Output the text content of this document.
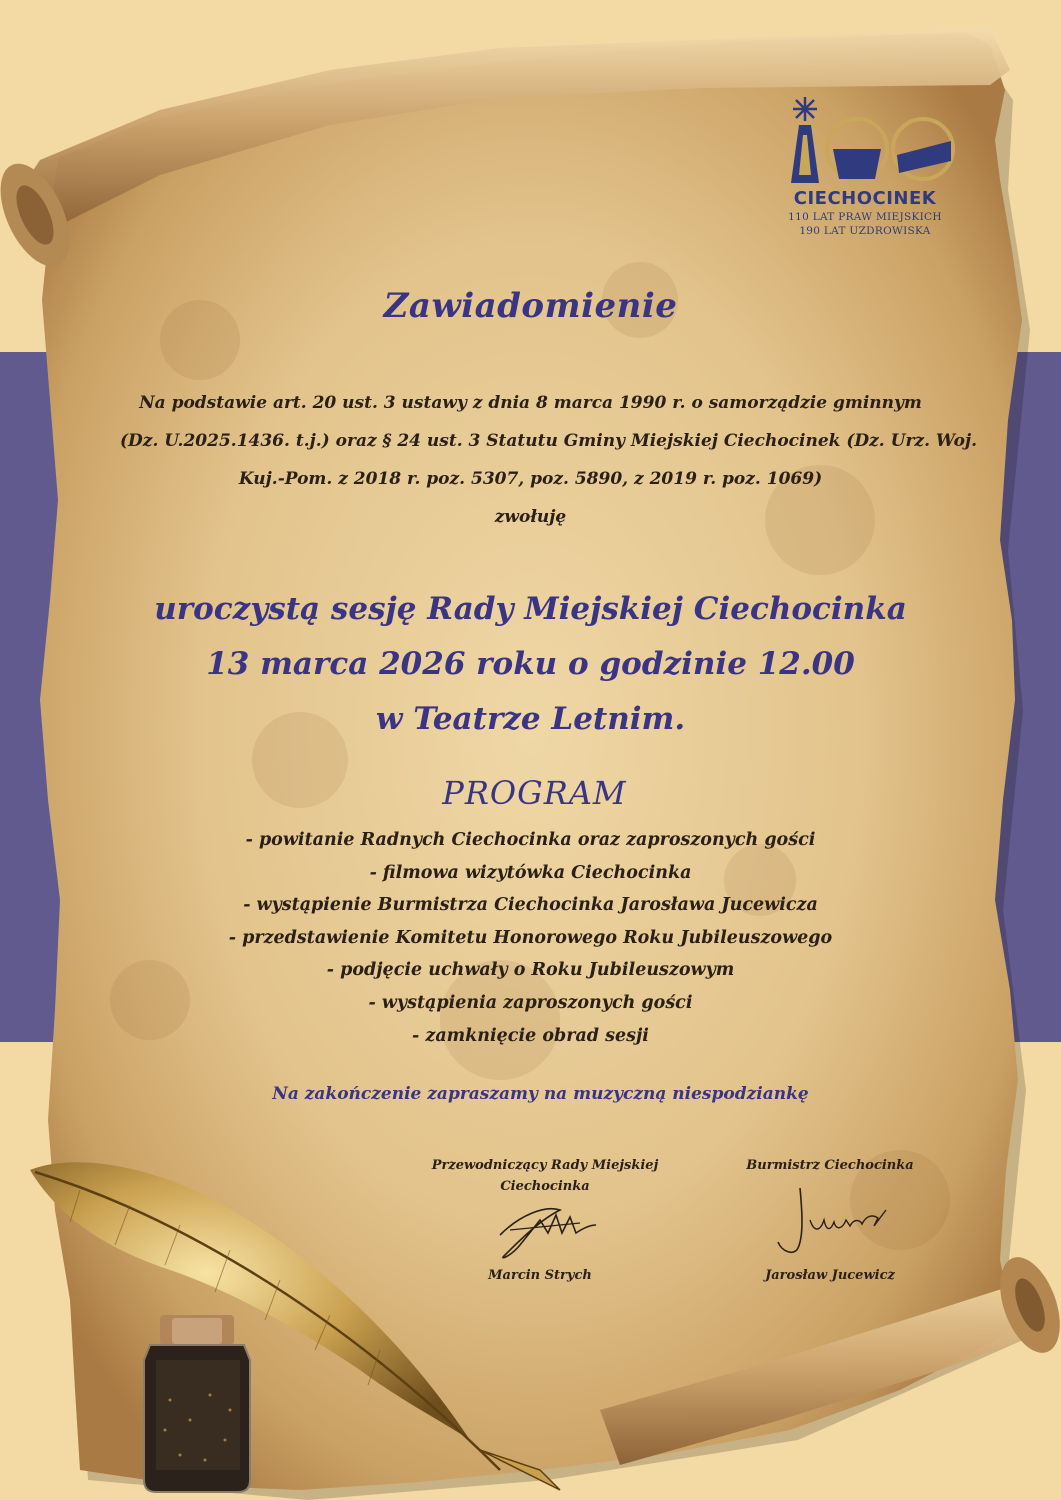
CIECHOCINEK
110 LAT PRAW MIEJSKICH
190 LAT UZDROWISKA
Zawiadomienie
Na podstawie art. 20 ust. 3 ustawy z dnia 8 marca 1990 r. o samorządzie gminnym
(Dz. U.2025.1436. t.j.) oraz § 24 ust. 3 Statutu Gminy Miejskiej Ciechocinek (Dz. Urz. Woj.
Kuj.-Pom. z 2018 r. poz. 5307, poz. 5890, z 2019 r. poz. 1069)
zwołuję
uroczystą sesję Rady Miejskiej Ciechocinka
13 marca 2026 roku o godzinie 12.00
w Teatrze Letnim.
PROGRAM
- powitanie Radnych Ciechocinka oraz zaproszonych gości
- filmowa wizytówka Ciechocinka
- wystąpienie Burmistrza Ciechocinka Jarosława Jucewicza
- przedstawienie Komitetu Honorowego Roku Jubileuszowego
- podjęcie uchwały o Roku Jubileuszowym
- wystąpienia zaproszonych gości
- zamknięcie obrad sesji
Na zakończenie zapraszamy na muzyczną niespodziankę
Przewodniczący Rady Miejskiej
Ciechocinka
Marcin Strych
Burmistrz Ciechocinka
Jarosław Jucewicz
